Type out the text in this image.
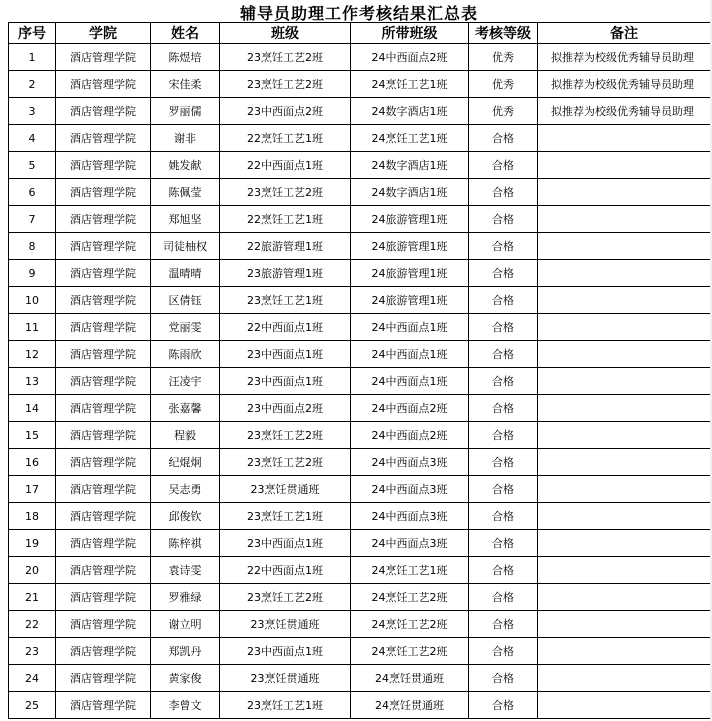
辅导员助理工作考核结果汇总表
序号	学院	姓名	班级	所带班级	考核等级	备注
1	酒店管理学院	陈煜培	23烹饪工艺2班	24中西面点2班	优秀	拟推荐为校级优秀辅导员助理
2	酒店管理学院	宋佳柔	23烹饪工艺2班	24烹饪工艺1班	优秀	拟推荐为校级优秀辅导员助理
3	酒店管理学院	罗丽儒	23中西面点2班	24数字酒店1班	优秀	拟推荐为校级优秀辅导员助理
4	酒店管理学院	谢非	22烹饪工艺1班	24烹饪工艺1班	合格	
5	酒店管理学院	姚发献	22中西面点1班	24数字酒店1班	合格	
6	酒店管理学院	陈佩莹	23烹饪工艺2班	24数字酒店1班	合格	
7	酒店管理学院	郑旭坚	22烹饪工艺1班	24旅游管理1班	合格	
8	酒店管理学院	司徒柚权	22旅游管理1班	24旅游管理1班	合格	
9	酒店管理学院	温晴晴	23旅游管理1班	24旅游管理1班	合格	
10	酒店管理学院	区倩钰	23烹饪工艺1班	24旅游管理1班	合格	
11	酒店管理学院	党丽雯	22中西面点1班	24中西面点1班	合格	
12	酒店管理学院	陈雨欣	23中西面点1班	24中西面点1班	合格	
13	酒店管理学院	汪凌宇	23中西面点1班	24中西面点1班	合格	
14	酒店管理学院	张嘉馨	23中西面点2班	24中西面点2班	合格	
15	酒店管理学院	程毅	23烹饪工艺2班	24中西面点2班	合格	
16	酒店管理学院	纪焜炯	23烹饪工艺2班	24中西面点3班	合格	
17	酒店管理学院	吴志勇	23烹饪贯通班	24中西面点3班	合格	
18	酒店管理学院	邱俊钦	23烹饪工艺1班	24中西面点3班	合格	
19	酒店管理学院	陈梓祺	23中西面点1班	24中西面点3班	合格	
20	酒店管理学院	袁诗雯	22中西面点1班	24烹饪工艺1班	合格	
21	酒店管理学院	罗雅绿	23烹饪工艺2班	24烹饪工艺2班	合格	
22	酒店管理学院	谢立明	23烹饪贯通班	24烹饪工艺2班	合格	
23	酒店管理学院	郑凯丹	23中西面点1班	24烹饪工艺2班	合格	
24	酒店管理学院	黄家俊	23烹饪贯通班	24烹饪贯通班	合格	
25	酒店管理学院	李曾文	23烹饪工艺1班	24烹饪贯通班	合格	
